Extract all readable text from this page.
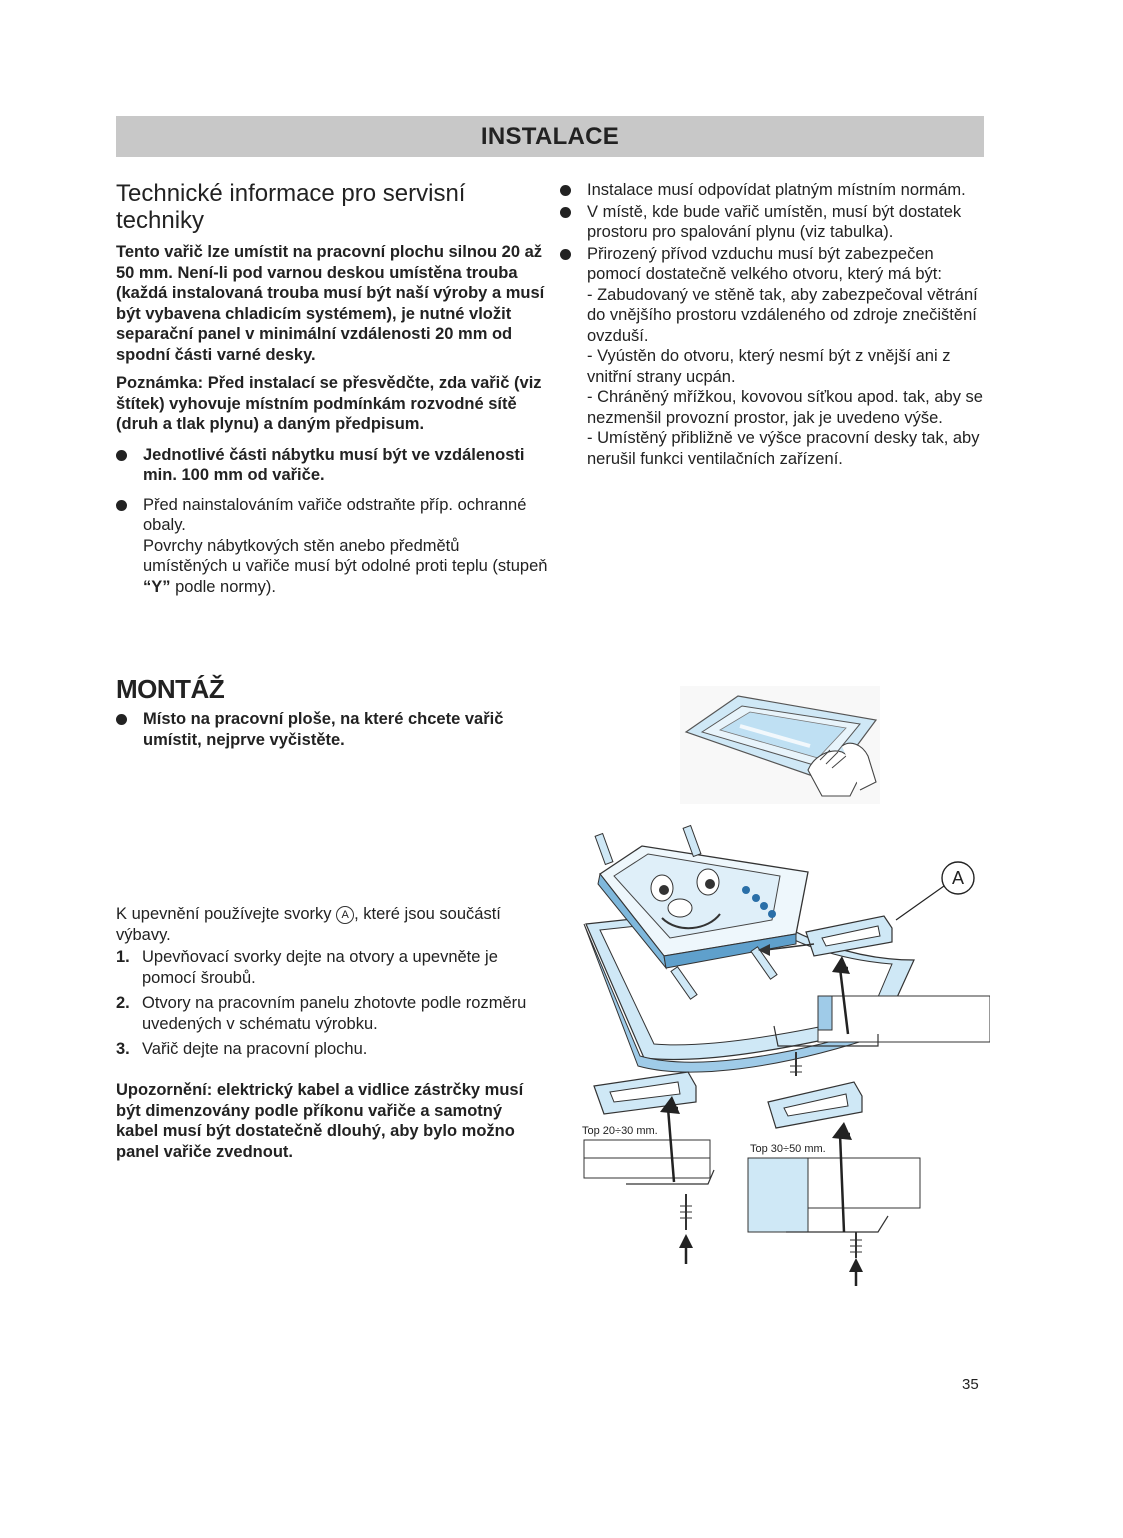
INSTALACE
Technické informace pro servisní techniky

Tento vařič lze umístit na pracovní plochu silnou 20 až 50 mm. Není-li pod varnou deskou umístěna trouba (každá instalovaná trouba musí být naší výroby a musí být vybavena chladicím systémem), je nutné vložit separační panel v minimální vzdálenosti 20 mm od spodní části varné desky.

Poznámka: Před instalací se přesvědčte, zda vařič (viz štítek) vyhovuje místním podmínkám rozvodné sítě (druh a tlak plynu) a daným předpisum.

Jednotlivé části nábytku musí být ve vzdálenosti min. 100 mm od vařiče.
Před nainstalováním vařiče odstraňte příp. ochranné obaly.
Povrchy nábytkových stěn anebo předmětů umístěných u vařiče musí být odolné proti teplu (stupeň “Y” podle normy).
Instalace musí odpovídat platným místním normám.
V místě, kde bude vařič umístěn, musí být dostatek prostoru pro spalování plynu (viz tabulka).
Přirozený přívod vzduchu musí být zabezpečen pomocí dostatečně velkého otvoru, který má být:
- Zabudovaný ve stěně tak, aby zabezpečoval větrání do vnějšího prostoru vzdáleného od zdroje znečištění ovzduší.
- Vyústěn do otvoru, který nesmí být z vnější ani z vnitřní strany ucpán.
- Chráněný mřížkou, kovovou síťkou apod. tak, aby se nezmenšil provozní prostor, jak je uvedeno výše.
- Umístěný přibližně ve výšce pracovní desky tak, aby nerušil funkci ventilačních zařízení.
MONTÁŽ
Místo na pracovní ploše, na které chcete vařič umístit, nejprve vyčistěte.
A
Top 20÷30 mm.
Top 30÷50 mm.

K upevnění používejte svorky A , které jsou součástí výbavy.

1. Upevňovací svorky dejte na otvory a upevněte je pomocí šroubů.
2. Otvory na pracovním panelu zhotovte podle rozměru uvedených v schématu výrobku.
3. Vařič dejte na pracovní plochu.

Upozornění: elektrický kabel a vidlice zástrčky musí být dimenzovány podle příkonu vařiče a samotný kabel musí být dostatečně dlouhý, aby bylo možno panel vařiče zvednout.

35
